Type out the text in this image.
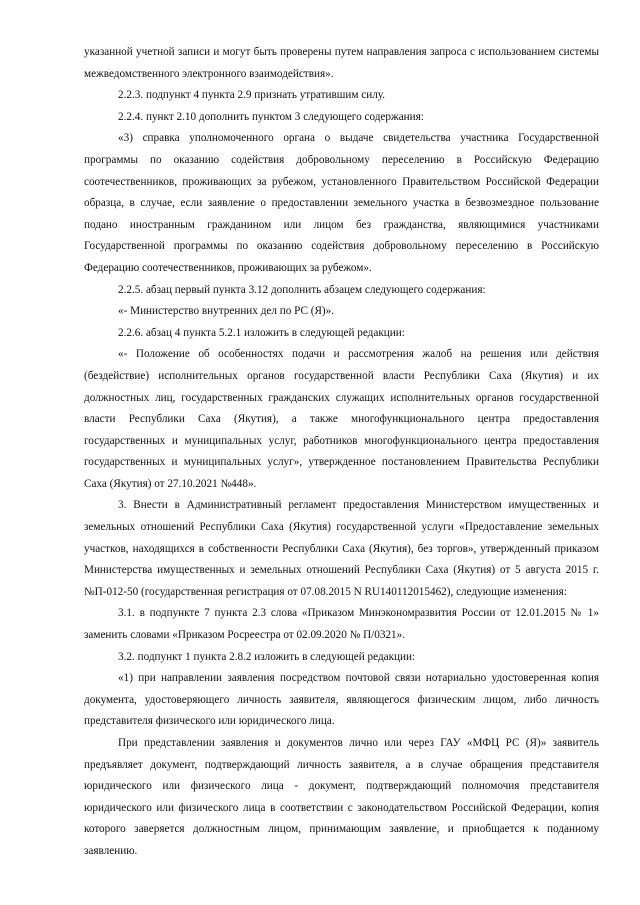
указанной учетной записи и могут быть проверены путем направления запроса с использованием системы межведомственного электронного взаимодействия».

2.2.3. подпункт 4 пункта 2.9 признать утратившим силу.

2.2.4. пункт 2.10 дополнить пунктом 3 следующего содержания:

«3) справка уполномоченного органа о выдаче свидетельства участника Государственной программы по оказанию содействия добровольному переселению в Российскую Федерацию соотечественников, проживающих за рубежом, установленного Правительством Российской Федерации образца, в случае, если заявление о предоставлении земельного участка в безвозмездное пользование подано иностранным гражданином или лицом без гражданства, являющимися участниками Государственной программы по оказанию содействия добровольному переселению в Российскую Федерацию соотечественников, проживающих за рубежом».

2.2.5. абзац первый пункта 3.12 дополнить абзацем следующего содержания:

«- Министерство внутренних дел по РС (Я)».

2.2.6. абзац 4 пункта 5.2.1 изложить в следующей редакции:

«- Положение об особенностях подачи и рассмотрения жалоб на решения или действия (бездействие) исполнительных органов государственной власти Республики Саха (Якутия) и их должностных лиц, государственных гражданских служащих исполнительных органов государственной власти Республики Саха (Якутия), а также многофункционального центра предоставления государственных и муниципальных услуг, работников многофункционального центра предоставления государственных и муниципальных услуг», утвержденное постановлением Правительства Республики Саха (Якутия) от 27.10.2021 №448».

3. Внести в Административный регламент предоставления Министерством имущественных и земельных отношений Республики Саха (Якутия) государственной услуги «Предоставление земельных участков, находящихся в собственности Республики Саха (Якутия), без торгов», утвержденный приказом Министерства имущественных и земельных отношений Республики Саха (Якутия) от 5 августа 2015 г. №П-012-50 (государственная регистрация от 07.08.2015 N RU140112015462), следующие изменения:

3.1. в подпункте 7 пункта 2.3 слова «Приказом Минэкономразвития России от 12.01.2015 № 1» заменить словами «Приказом Росреестра от 02.09.2020 № П/0321».

3.2. подпункт 1 пункта 2.8.2 изложить в следующей редакции:

«1) при направлении заявления посредством почтовой связи нотариально удостоверенная копия документа, удостоверяющего личность заявителя, являющегося физическим лицом, либо личность представителя физического или юридического лица.

При представлении заявления и документов лично или через ГАУ «МФЦ РС (Я)» заявитель предъявляет документ, подтверждающий личность заявителя, а в случае обращения представителя юридического или физического лица - документ, подтверждающий полномочия представителя юридического или физического лица в соответствии с законодательством Российской Федерации, копия которого заверяется должностным лицом, принимающим заявление, и приобщается к поданному заявлению.
